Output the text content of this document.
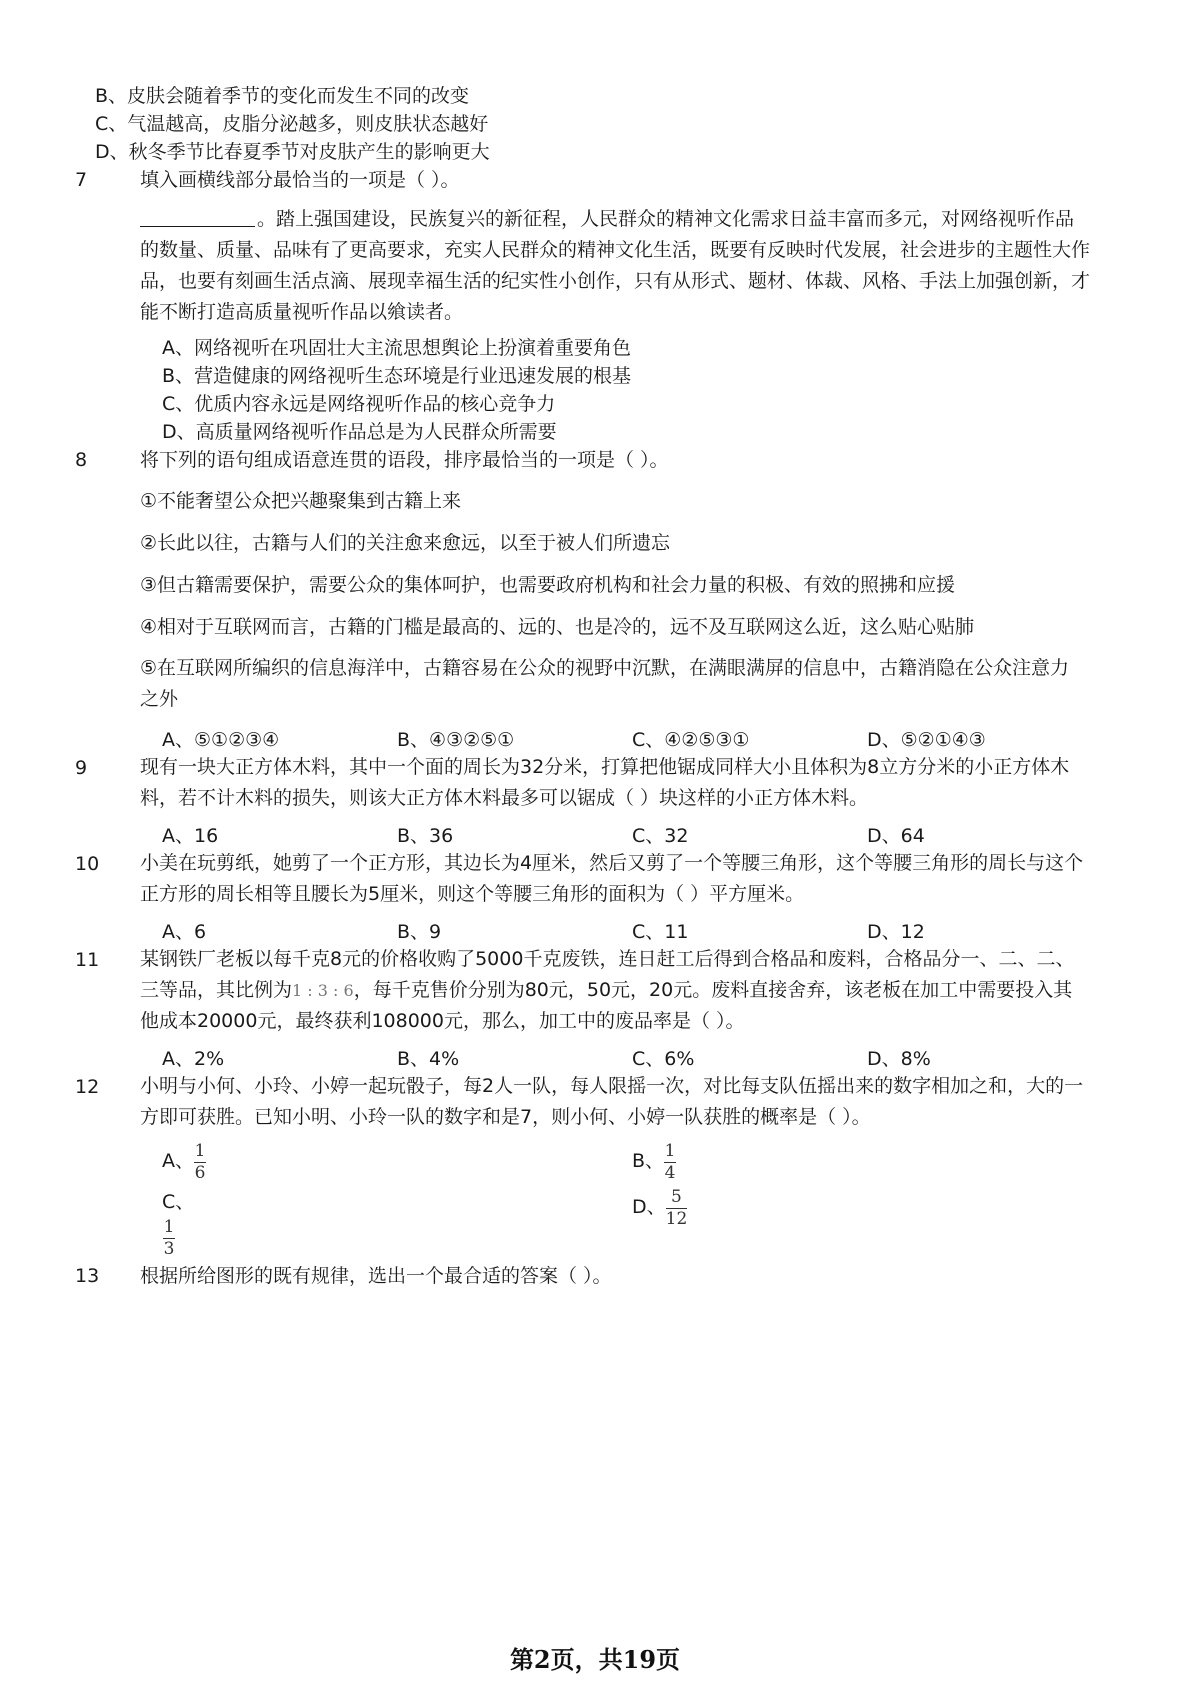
B、皮肤会随着季节的变化而发生不同的改变
C、气温越高，皮脂分泌越多，则皮肤状态越好
D、秋冬季节比春夏季节对皮肤产生的影响更大
7	填入画横线部分最恰当的一项是（ ）。
。踏上强国建设，民族复兴的新征程，人民群众的精神文化需求日益丰富而多元，对网络视听作品的数量、质量、品味有了更高要求，充实人民群众的精神文化生活，既要有反映时代发展，社会进步的主题性大作品，也要有刻画生活点滴、展现幸福生活的纪实性小创作，只有从形式、题材、体裁、风格、手法上加强创新，才能不断打造高质量视听作品以飨读者。
A、网络视听在巩固壮大主流思想舆论上扮演着重要角色
B、营造健康的网络视听生态环境是行业迅速发展的根基
C、优质内容永远是网络视听作品的核心竞争力
D、高质量网络视听作品总是为人民群众所需要
8	将下列的语句组成语意连贯的语段，排序最恰当的一项是（ ）。
①不能奢望公众把兴趣聚集到古籍上来
②长此以往，古籍与人们的关注愈来愈远，以至于被人们所遗忘
③但古籍需要保护，需要公众的集体呵护，也需要政府机构和社会力量的积极、有效的照拂和应援
④相对于互联网而言，古籍的门槛是最高的、远的、也是冷的，远不及互联网这么近，这么贴心贴肺
⑤在互联网所编织的信息海洋中，古籍容易在公众的视野中沉默，在满眼满屏的信息中，古籍消隐在公众注意力之外
A、⑤①②③④	B、④③②⑤①	C、④②⑤③①	D、⑤②①④③
9	现有一块大正方体木料，其中一个面的周长为32分米，打算把他锯成同样大小且体积为8立方分米的小正方体木料，若不计木料的损失，则该大正方体木料最多可以锯成（ ）块这样的小正方体木料。
A、16	B、36	C、32	D、64
10 小美在玩剪纸，她剪了一个正方形，其边长为4厘米，然后又剪了一个等腰三角形，这个等腰三角形的周长与这个正方形的周长相等且腰长为5厘米，则这个等腰三角形的面积为（ ）平方厘米。
A、6	B、9	C、11	D、12
11 某钢铁厂老板以每千克8元的价格收购了5000千克废铁，连日赶工后得到合格品和废料，合格品分一、二、二、三等品，其比例为1 : 3 : 6，每千克售价分别为80元，50元，20元。废料直接舍弃，该老板在加工中需要投入其他成本20000元，最终获利108000元，那么，加工中的废品率是（ ）。
A、2%	B、4%	C、6%	D、8%
12 小明与小何、小玲、小婷一起玩骰子，每2人一队，每人限摇一次，对比每支队伍摇出来的数字相加之和，大的一方即可获胜。已知小明、小玲一队的数字和是7，则小何、小婷一队获胜的概率是（ ）。
A、 $\frac{1}{6}$	B、 $\frac{1}{4}$
C、
$\frac{1}{3}$
D、 $\frac{5}{12}$
13 根据所给图形的既有规律，选出一个最合适的答案（ ）。
第2页，共19页
